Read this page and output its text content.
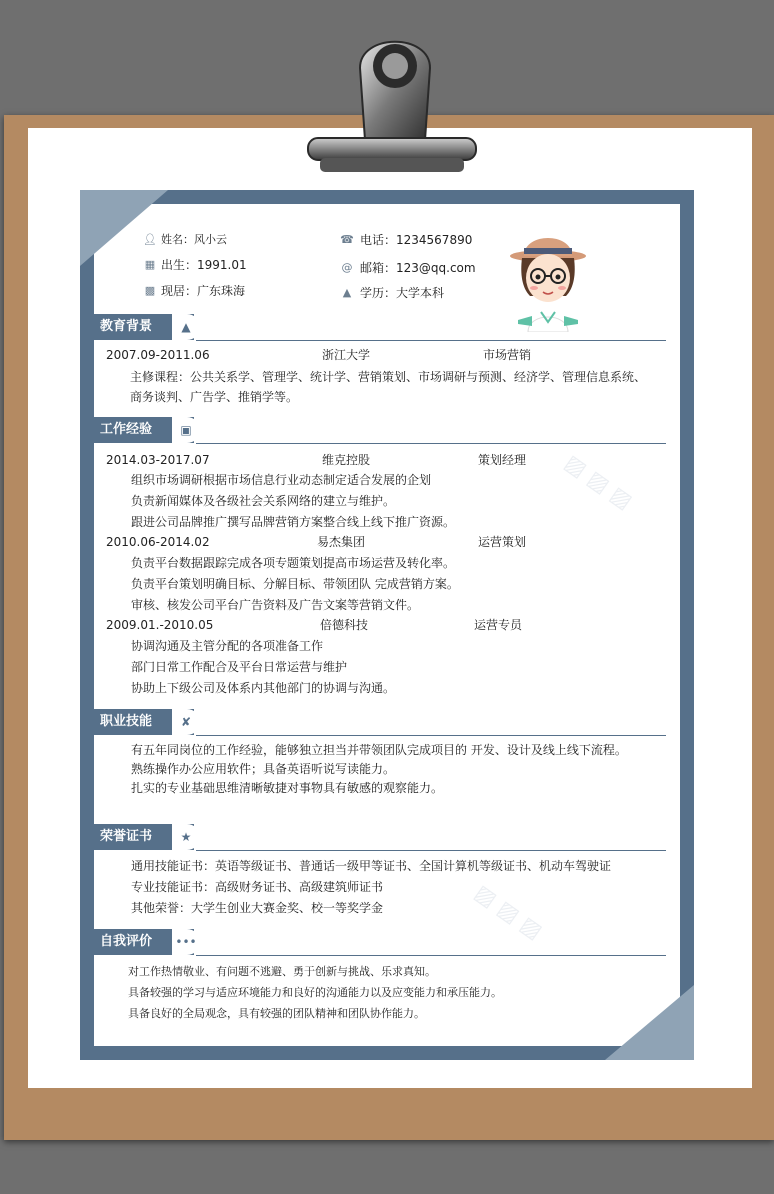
▨ ▨ ▨
▨ ▨ ▨
👤︎ 姓名：风小云
▦ 出生：1991.01
▩ 现居：广东珠海
☎ 电话：1234567890
@ 邮箱：123@qq.com
▲ 学历：大学本科
教育背景	▲
2007.09-2011.06	浙江大学	市场营销
主修课程：公共关系学、管理学、统计学、营销策划、市场调研与预测、经济学、管理信息系统、
商务谈判、广告学、推销学等。
工作经验	▣
2014.03-2017.07	维克控股	策划经理
组织市场调研根据市场信息行业动态制定适合发展的企划
负责新闻媒体及各级社会关系网络的建立与维护。
跟进公司品牌推广撰写品牌营销方案整合线上线下推广资源。
2010.06-2014.02	易杰集团	运营策划
负责平台数据跟踪完成各项专题策划提高市场运营及转化率。
负责平台策划明确目标、分解目标、带领团队 完成营销方案。
审核、核发公司平台广告资料及广告文案等营销文件。
2009.01.-2010.05	倍德科技	运营专员
协调沟通及主管分配的各项准备工作
部门日常工作配合及平台日常运营与维护
协助上下级公司及体系内其他部门的协调与沟通。
职业技能	✘
有五年同岗位的工作经验，能够独立担当并带领团队完成项目的 开发、设计及线上线下流程。
熟练操作办公应用软件；具备英语听说写读能力。
扎实的专业基础思维清晰敏捷对事物具有敏感的观察能力。
荣誉证书	★
通用技能证书：英语等级证书、普通话一级甲等证书、全国计算机等级证书、机动车驾驶证
专业技能证书：高级财务证书、高级建筑师证书
其他荣誉：大学生创业大赛金奖、校一等奖学金
自我评价	•••
对工作热情敬业、有问题不逃避、勇于创新与挑战、乐求真知。
具备较强的学习与适应环境能力和良好的沟通能力以及应变能力和承压能力。
具备良好的全局观念，具有较强的团队精神和团队协作能力。
